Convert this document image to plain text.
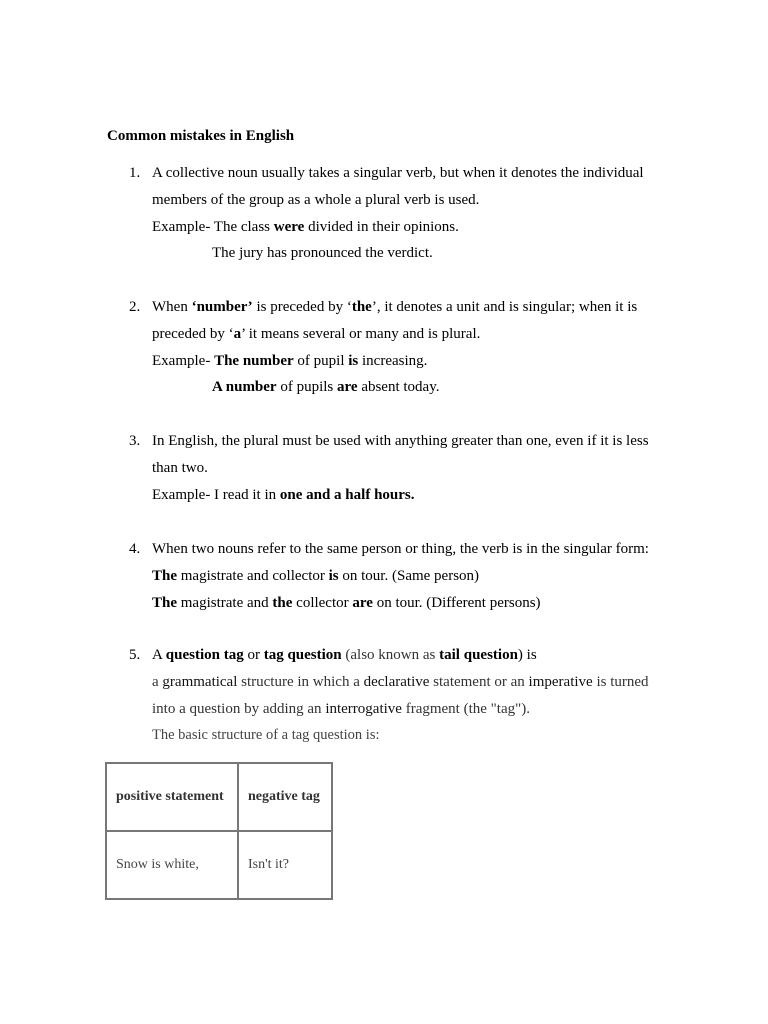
Common mistakes in English
1. A collective noun usually takes a singular verb, but when it denotes the individual
members of the group as a whole a plural verb is used.
Example- The class were divided in their opinions.
The jury has pronounced the verdict.
2. When ‘number’ is preceded by ‘the’, it denotes a unit and is singular; when it is
preceded by ‘a’ it means several or many and is plural.
Example- The number of pupil is increasing.
A number of pupils are absent today.
3. In English, the plural must be used with anything greater than one, even if it is less
than two.
Example- I read it in one and a half hours.
4. When two nouns refer to the same person or thing, the verb is in the singular form:
The magistrate and collector is on tour. (Same person)
The magistrate and the collector are on tour. (Different persons)
5. A question tag or tag question (also known as tail question) is
a grammatical structure in which a declarative statement or an imperative is turned
into a question by adding an interrogative fragment (the "tag").
The basic structure of a tag question is:
positive statement	negative tag
Snow is white,	Isn't it?
